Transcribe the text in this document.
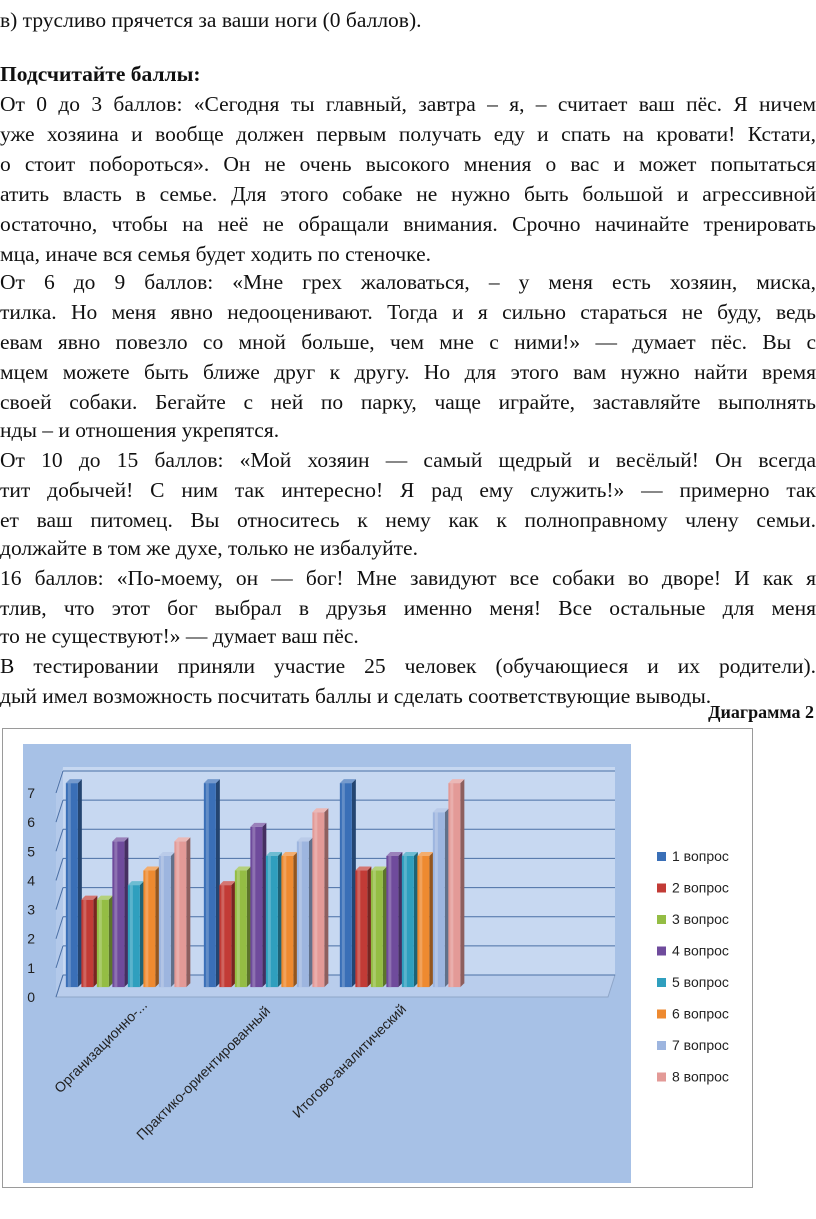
в) трусливо прячется за ваши ноги (0 баллов).
Подсчитайте баллы:
От 0 до 3 баллов: «Сегодня ты главный, завтра – я, – считает ваш пёс. Я ничем
уже хозяина и вообще должен первым получать еду и спать на кровати! Кстати,
о стоит побороться». Он не очень высокого мнения о вас и может попытаться
атить власть в семье. Для этого собаке не нужно быть большой и агрессивной
остаточно, чтобы на неё не обращали внимания. Срочно начинайте тренировать
мца, иначе вся семья будет ходить по стеночке.
От 6 до 9 баллов: «Мне грех жаловаться, – у меня есть хозяин, миска,
тилка. Но меня явно недооценивают. Тогда и я сильно стараться не буду, ведь
евам явно повезло со мной больше, чем мне с ними!» — думает пёс. Вы с
мцем можете быть ближе друг к другу. Но для этого вам нужно найти время
своей собаки. Бегайте с ней по парку, чаще играйте, заставляйте выполнять
нды – и отношения укрепятся.
От 10 до 15 баллов: «Мой хозяин — самый щедрый и весёлый! Он всегда
тит добычей! С ним так интересно! Я рад ему служить!» — примерно так
ет ваш питомец. Вы относитесь к нему как к полноправному члену семьи.
должайте в том же духе, только не избалуйте.
16 баллов: «По-моему, он — бог! Мне завидуют все собаки во дворе! И как я
тлив, что этот бог выбрал в друзья именно меня! Все остальные для меня
то не существуют!» — думает ваш пёс.
В тестировании приняли участие 25 человек (обучающиеся и их родители).
дый имел возможность посчитать баллы и сделать соответствующие выводы.
Диаграмма 2
0
1
2
3
4
5
6
7
Организационно-...
Практико-ориентированный Итогово-аналитический
1 вопрос
2 вопрос
3 вопрос
4 вопрос
5 вопрос
6 вопрос
7 вопрос
8 вопрос
